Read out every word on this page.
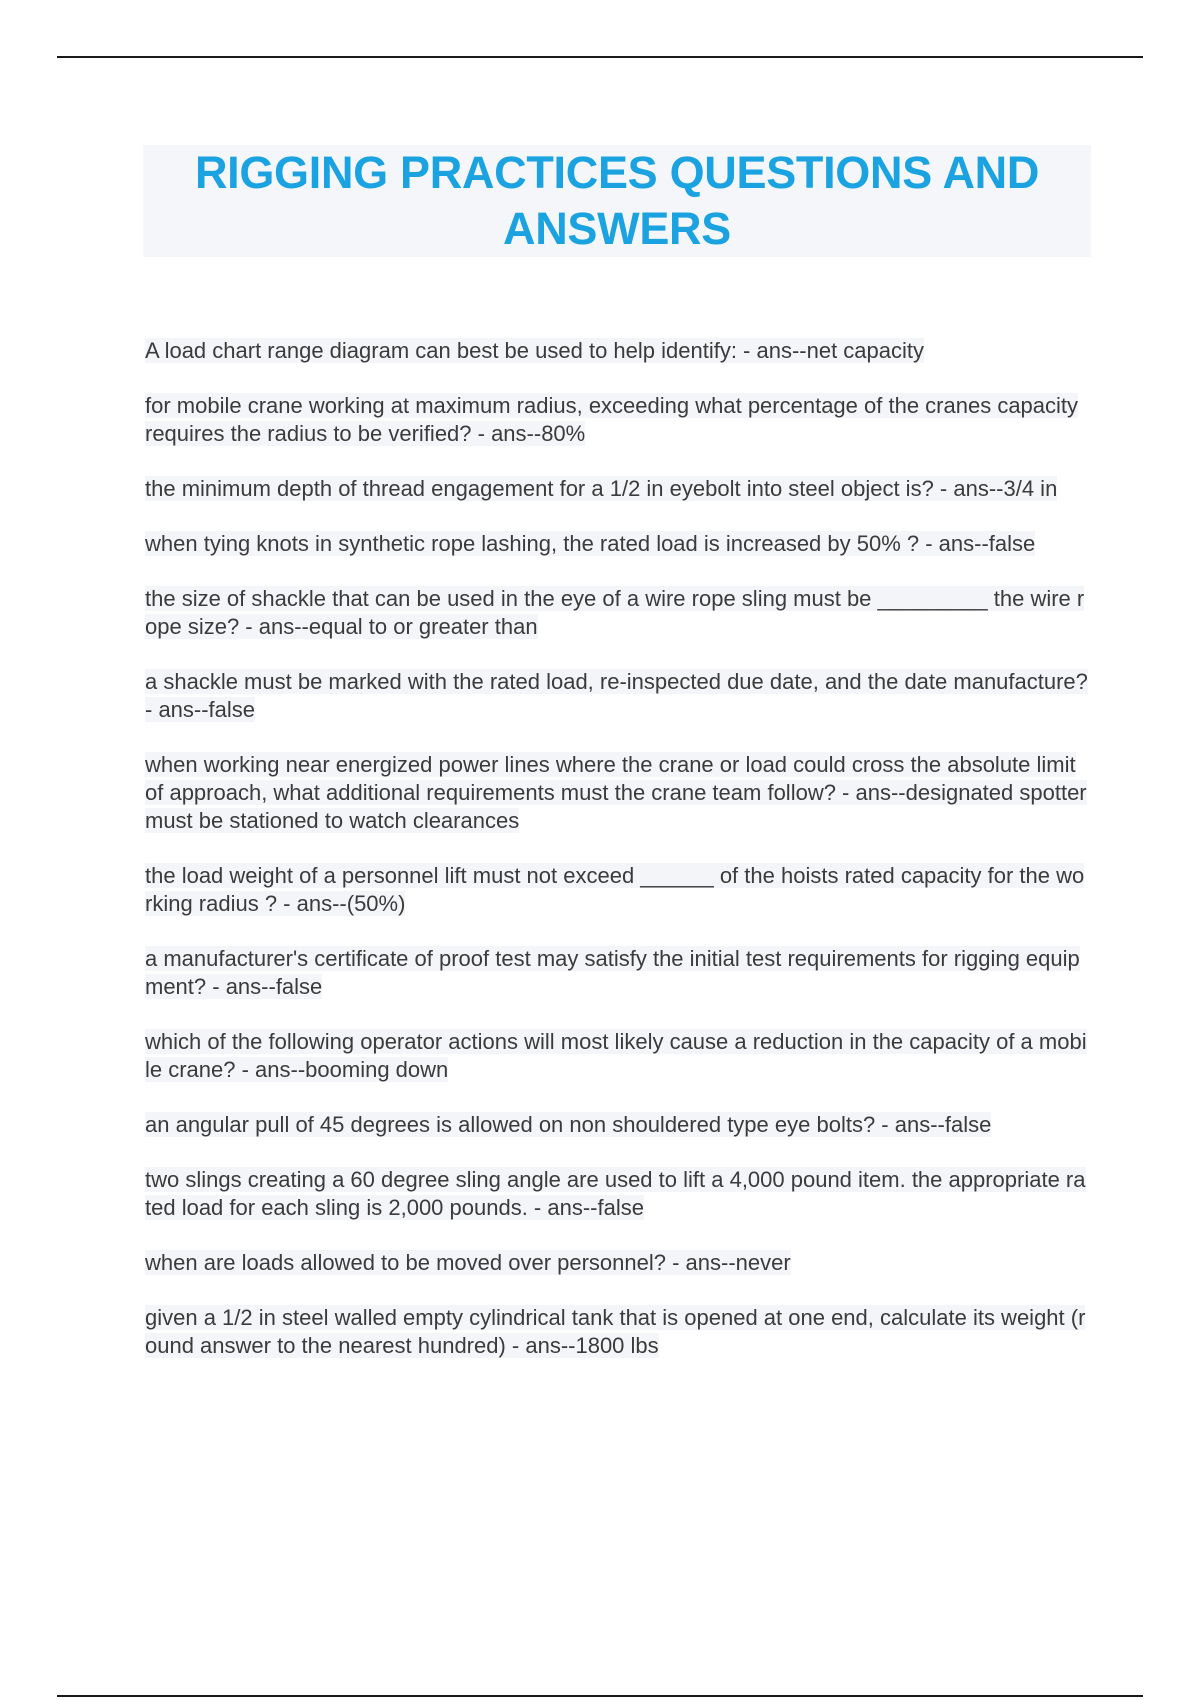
RIGGING PRACTICES QUESTIONS AND ANSWERS
A load chart range diagram can best be used to help identify: - ans--net capacity
for mobile crane working at maximum radius, exceeding what percentage of the cranes capacity requires the radius to be verified? - ans--80%
the minimum depth of thread engagement for a 1/2 in eyebolt into steel object is? - ans--3/4 in
when tying knots in synthetic rope lashing, the rated load is increased by 50% ? - ans--false
the size of shackle that can be used in the eye of a wire rope sling must be _________ the wire rope size? - ans--equal to or greater than
a shackle must be marked with the rated load, re-inspected due date, and the date manufacture? - ans--false
when working near energized power lines where the crane or load could cross the absolute limit of approach, what additional requirements must the crane team follow? - ans--designated spotter must be stationed to watch clearances
the load weight of a personnel lift must not exceed ______ of the hoists rated capacity for the working radius ? - ans--(50%)
a manufacturer's certificate of proof test may satisfy the initial test requirements for rigging equipment? - ans--false
which of the following operator actions will most likely cause a reduction in the capacity of a mobile crane? - ans--booming down
an angular pull of 45 degrees is allowed on non shouldered type eye bolts? - ans--false
two slings creating a 60 degree sling angle are used to lift a 4,000 pound item. the appropriate rated load for each sling is 2,000 pounds. - ans--false
when are loads allowed to be moved over personnel? - ans--never
given a 1/2 in steel walled empty cylindrical tank that is opened at one end, calculate its weight (round answer to the nearest hundred) - ans--1800 lbs
